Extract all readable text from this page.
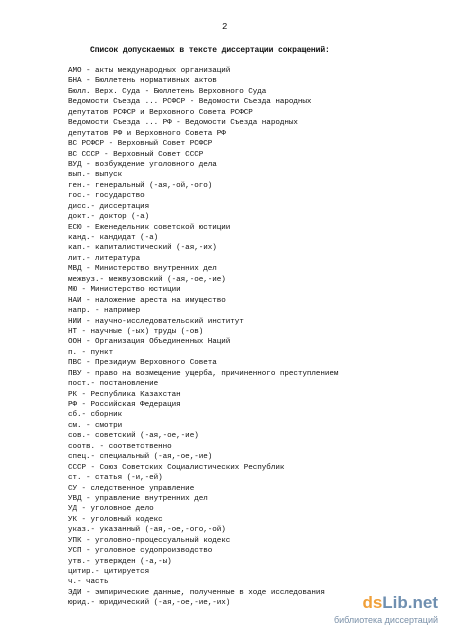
2
Список допускаемых в тексте диссертации сокращений:
АМО - акты международных организаций
БНА - Бюллетень нормативных актов
Бюлл. Верх. Суда - Бюллетень Верховного Суда
Ведомости Съезда ... РСФСР - Ведомости Съезда народных
депутатов РСФСР и Верховного Совета РСФСР
Ведомости Съезда ... РФ - Ведомости Съезда народных
депутатов РФ и Верховного Совета РФ
ВС РСФСР - Верховный Совет РСФСР
ВС СССР - Верховный Совет СССР
ВУД - возбуждение уголовного дела
вып.- выпуск
ген.- генеральный (-ая,-ой,-ого)
гос.- государство
дисс.- диссертация
докт.- доктор (-а)
ЕСЮ - Еженедельник советской юстиции
канд.- кандидат (-а)
кап.- капиталистический (-ая,-их)
лит.- литература
МВД - Министерство внутренних дел
межвуз.- межвузовский (-ая,-ое,-ие)
МЮ - Министерство юстиции
НАИ - наложение ареста на имущество
напр. - например
НИИ - научно-исследовательский институт
НТ - научные (-ых) труды (-ов)
ООН - Организация Объединенных Наций
п. - пункт
ПВС - Президиум Верховного Совета
ПВУ - право на возмещение ущерба, причиненного преступлением
пост.- постановление
РК - Республика Казахстан
РФ - Российская Федерация
сб.- сборник
см. - смотри
сов.- советский (-ая,-ое,-ие)
соотв. - соответственно
спец.- специальный (-ая,-ое,-ие)
СССР - Союз Советских Социалистических Республик
ст. - статья (-и,-ей)
СУ - следственное управление
УВД - управление внутренних дел
УД - уголовное дело
УК - уголовный кодекс
указ.- указанный (-ая,-ое,-ого,-ой)
УПК - уголовно-процессуальный кодекс
УСП - уголовное судопроизводство
утв.- утвержден (-а,-ы)
цитир.- цитируется
ч.- часть
ЭДИ - эмпирические данные, полученные в ходе исследования
юрид.- юридический (-ая,-ое,-ие,-их)	dsLib.net
библиотека диссертаций
